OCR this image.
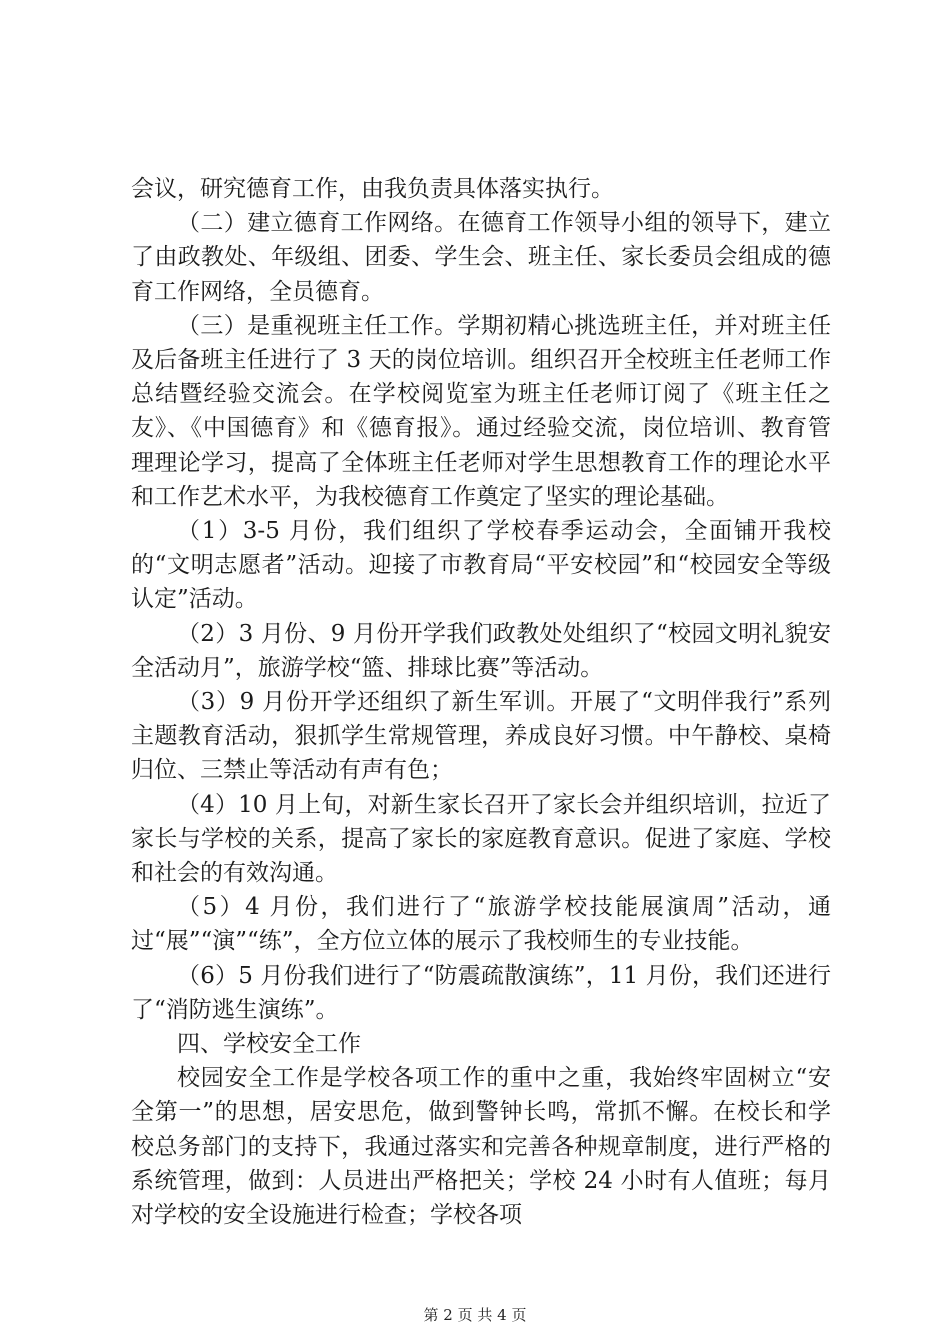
会议，研究德育工作，由我负责具体落实执行。

（二）建立德育工作网络。在德育工作领导小组的领导下，建立了由政教处、年级组、团委、学生会、班主任、家长委员会组成的德育工作网络，全员德育。

（三）是重视班主任工作。学期初精心挑选班主任，并对班主任及后备班主任进行了 3 天的岗位培训。组织召开全校班主任老师工作总结暨经验交流会。在学校阅览室为班主任老师订阅了《班主任之友》、《中国德育》和《德育报》。通过经验交流，岗位培训、教育管理理论学习，提高了全体班主任老师对学生思想教育工作的理论水平和工作艺术水平，为我校德育工作奠定了坚实的理论基础。

（1）3-5 月份，我们组织了学校春季运动会，全面铺开我校的“文明志愿者”活动。迎接了市教育局“平安校园”和“校园安全等级认定”活动。

（2）3 月份、9 月份开学我们政教处处组织了“校园文明礼貌安全活动月”，旅游学校“篮、排球比赛”等活动。

（3）9 月份开学还组织了新生军训。开展了“文明伴我行”系列主题教育活动，狠抓学生常规管理，养成良好习惯。中午静校、桌椅归位、三禁止等活动有声有色；

（4）10 月上旬，对新生家长召开了家长会并组织培训，拉近了家长与学校的关系，提高了家长的家庭教育意识。促进了家庭、学校和社会的有效沟通。

（5）4 月份，我们进行了“旅游学校技能展演周”活动，通过“展”“演”“练”，全方位立体的展示了我校师生的专业技能。

（6）5 月份我们进行了“防震疏散演练”，11 月份，我们还进行了“消防逃生演练”。

四、学校安全工作

校园安全工作是学校各项工作的重中之重，我始终牢固树立“安全第一”的思想，居安思危，做到警钟长鸣，常抓不懈。在校长和学校总务部门的支持下，我通过落实和完善各种规章制度，进行严格的系统管理，做到：人员进出严格把关；学校 24 小时有人值班；每月对学校的安全设施进行检查；学校各项

第 2 页 共 4 页
